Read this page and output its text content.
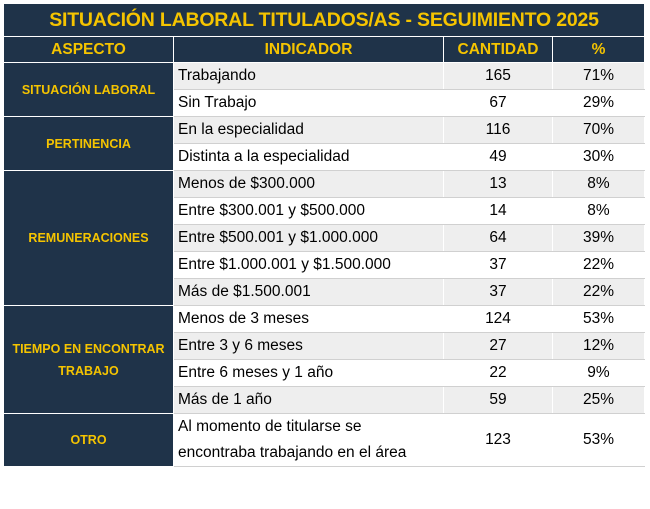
SITUACIÓN LABORAL TITULADOS/AS - SEGUIMIENTO 2025			
ASPECTO	INDICADOR	CANTIDAD	%
SITUACIÓN LABORAL	Trabajando	165	71%
	Sin Trabajo	67	29%
PERTINENCIA	En la especialidad	116	70%
	Distinta a la especialidad	49	30%
REMUNERACIONES	Menos de $300.000	13	8%
	Entre $300.001 y $500.000	14	8%
	Entre $500.001 y $1.000.000	64	39%
	Entre $1.000.001 y $1.500.000	37	22%
	Más de $1.500.001	37	22%
TIEMPO EN ENCONTRAR TRABAJO	Menos de 3 meses	124	53%
	Entre 3 y 6 meses	27	12%
	Entre 6 meses y 1 año	22	9%
	Más de 1 año	59	25%
OTRO	Al momento de titularse se encontraba trabajando en el área	123	53%
